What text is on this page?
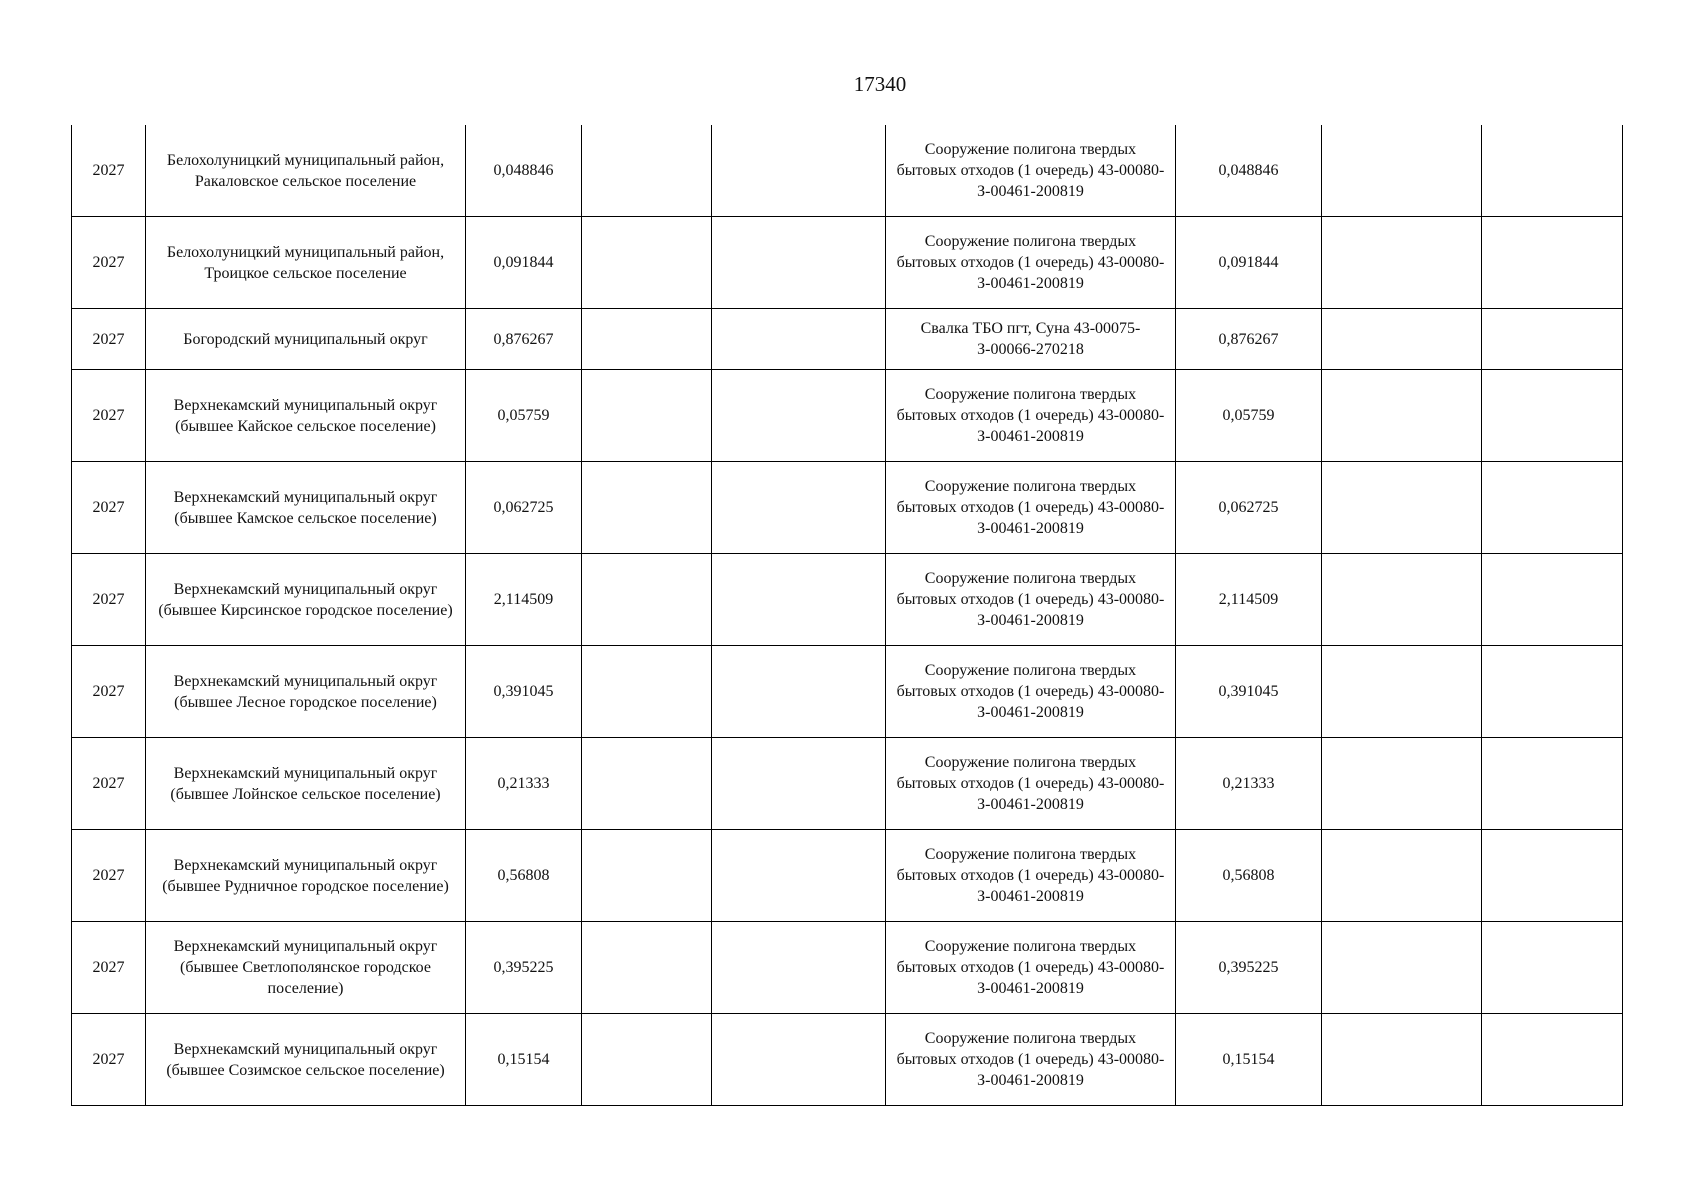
17340
2027	Белохолуницкий муниципальный район, Ракаловское сельское поселение	0,048846			Сооружение полигона твердых бытовых отходов (1 очередь) 43-00080-З-00461-200819	0,048846		
2027	Белохолуницкий муниципальный район, Троицкое сельское поселение	0,091844			Сооружение полигона твердых бытовых отходов (1 очередь) 43-00080-З-00461-200819	0,091844		
2027	Богородский муниципальный округ	0,876267			Свалка ТБО пгт, Суна 43-00075-З-00066-270218	0,876267		
2027	Верхнекамский муниципальный округ (бывшее Кайское сельское поселение)	0,05759			Сооружение полигона твердых бытовых отходов (1 очередь) 43-00080-З-00461-200819	0,05759		
2027	Верхнекамский муниципальный округ (бывшее Камское сельское поселение)	0,062725			Сооружение полигона твердых бытовых отходов (1 очередь) 43-00080-З-00461-200819	0,062725		
2027	Верхнекамский муниципальный округ (бывшее Кирсинское городское поселение)	2,114509			Сооружение полигона твердых бытовых отходов (1 очередь) 43-00080-З-00461-200819	2,114509		
2027	Верхнекамский муниципальный округ (бывшее Лесное городское поселение)	0,391045			Сооружение полигона твердых бытовых отходов (1 очередь) 43-00080-З-00461-200819	0,391045		
2027	Верхнекамский муниципальный округ (бывшее Лойнское сельское поселение)	0,21333			Сооружение полигона твердых бытовых отходов (1 очередь) 43-00080-З-00461-200819	0,21333		
2027	Верхнекамский муниципальный округ (бывшее Рудничное городское поселение)	0,56808			Сооружение полигона твердых бытовых отходов (1 очередь) 43-00080-З-00461-200819	0,56808		
2027	Верхнекамский муниципальный округ (бывшее Светлополянское городское поселение)	0,395225			Сооружение полигона твердых бытовых отходов (1 очередь) 43-00080-З-00461-200819	0,395225		
2027	Верхнекамский муниципальный округ (бывшее Созимское сельское поселение)	0,15154			Сооружение полигона твердых бытовых отходов (1 очередь) 43-00080-З-00461-200819	0,15154		
